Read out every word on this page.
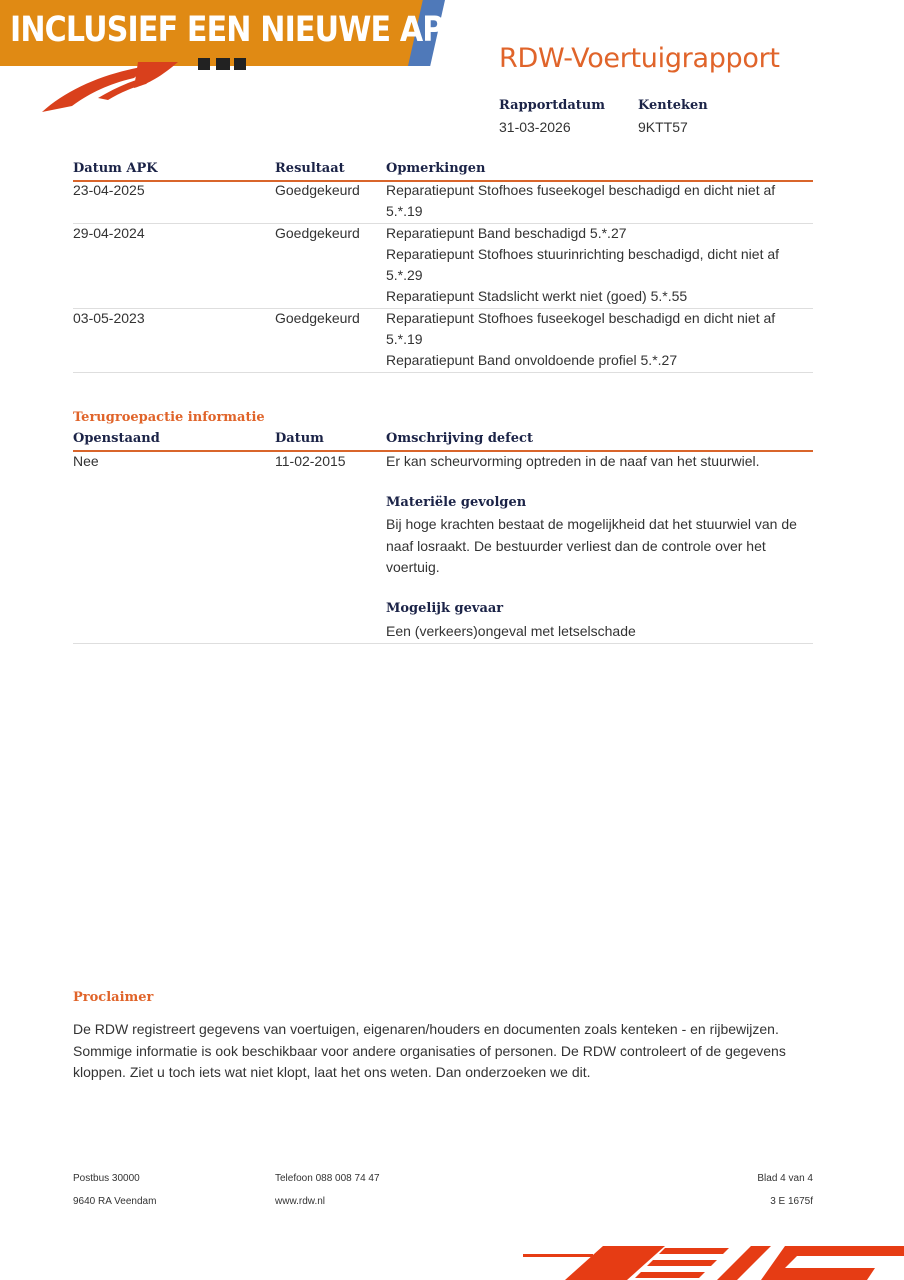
INCLUSIEF EEN NIEUWE APK
RDW-Voertuigrapport
Rapportdatum
31-03-2026
Kenteken
9KTT57
Datum APK	Resultaat	Opmerkingen
23-04-2025	Goedgekeurd Reparatiepunt Stofhoes fuseekogel beschadigd en dicht niet af
5.*.19
29-04-2024	Goedgekeurd Reparatiepunt Band beschadigd 5.*.27
Reparatiepunt Stofhoes stuurinrichting beschadigd, dicht niet af
5.*.29
Reparatiepunt Stadslicht werkt niet (goed) 5.*.55
03-05-2023	Goedgekeurd Reparatiepunt Stofhoes fuseekogel beschadigd en dicht niet af
5.*.19
Reparatiepunt Band onvoldoende profiel 5.*.27
Terugroepactie informatie
Openstaand	Datum	Omschrijving defect
Nee	11-02-2015	Er kan scheurvorming optreden in de naaf van het stuurwiel.
Materiële gevolgen
Bij hoge krachten bestaat de mogelijkheid dat het stuurwiel van de
naaf losraakt. De bestuurder verliest dan de controle over het
voertuig.
Mogelijk gevaar
Een (verkeers)ongeval met letselschade
Proclaimer
De RDW registreert gegevens van voertuigen, eigenaren/houders en documenten zoals kenteken - en rijbewijzen.
Sommige informatie is ook beschikbaar voor andere organisaties of personen. De RDW controleert of de gegevens
kloppen. Ziet u toch iets wat niet klopt, laat het ons weten. Dan onderzoeken we dit.
Postbus 30000
9640 RA Veendam
Telefoon 088 008 74 47
www.rdw.nl
Blad 4 van 4
3 E 1675f
